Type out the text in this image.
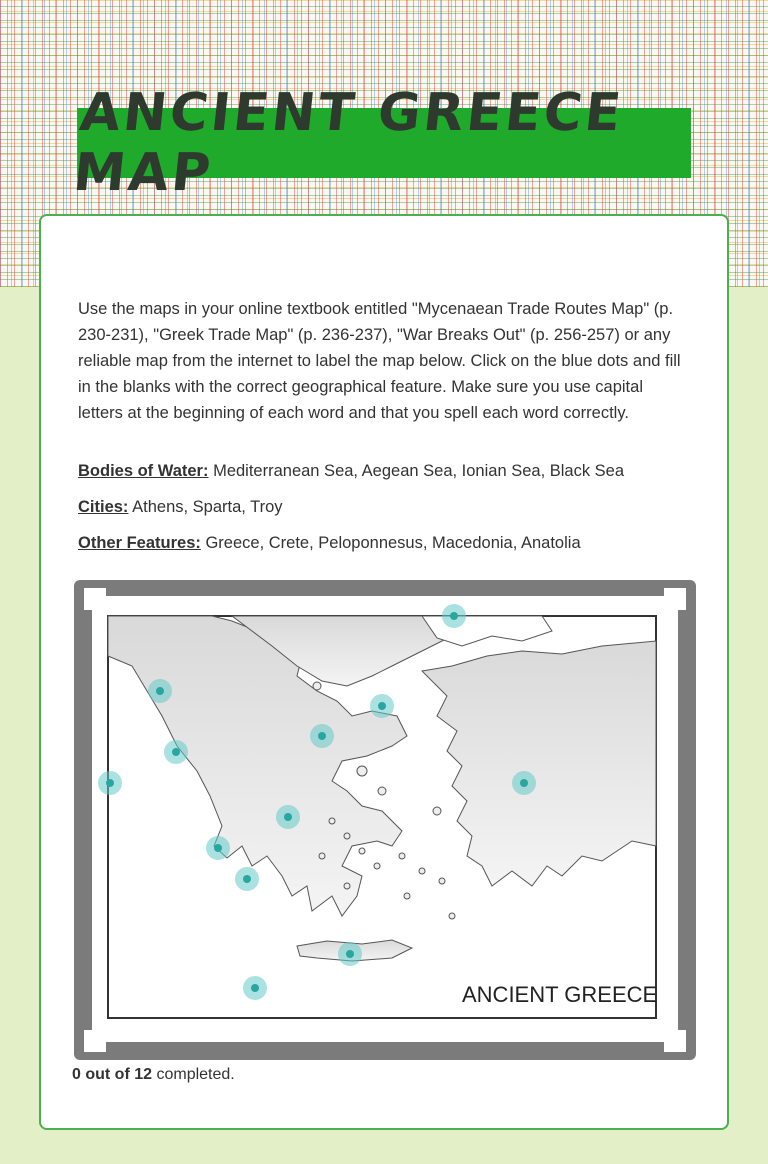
ANCIENT GREECE MAP

Use the maps in your online textbook entitled "Mycenaean Trade Routes Map" (p. 230-231), "Greek Trade Map" (p. 236-237), "War Breaks Out" (p. 256-257) or any reliable map from the internet to label the map below. Click on the blue dots and fill in the blanks with the correct geographical feature. Make sure you use capital letters at the beginning of each word and that you spell each word correctly.

Bodies of Water: Mediterranean Sea, Aegean Sea, Ionian Sea, Black Sea
Cities: Athens, Sparta, Troy
Other Features: Greece, Crete, Peloponnesus, Macedonia, Anatolia
ANCIENT GREECE
0 out of 12 completed.
